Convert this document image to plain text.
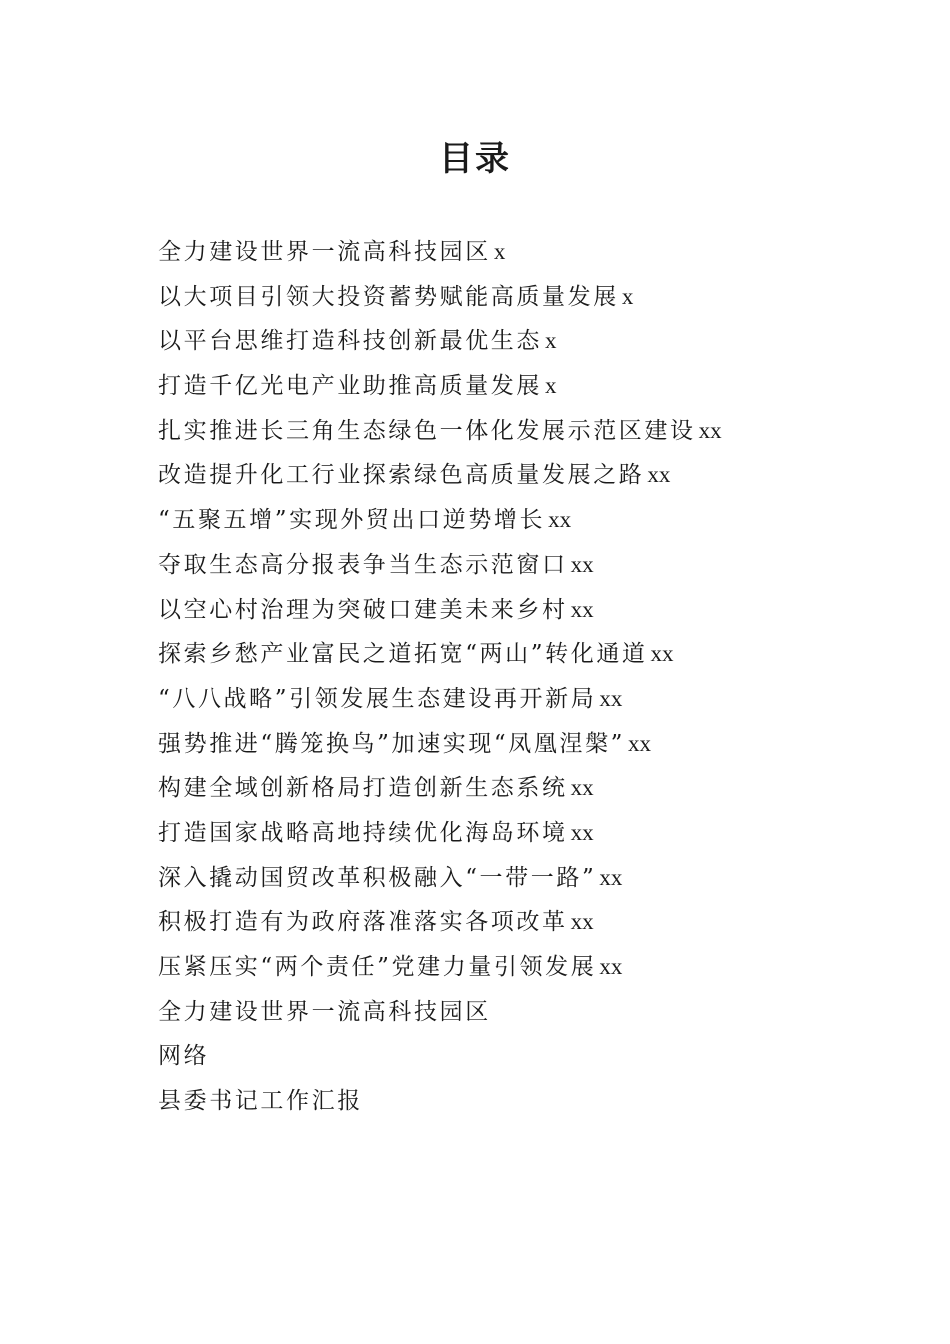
目录
全力建设世界一流高科技园区 x
以大项目引领大投资蓄势赋能高质量发展 x
以平台思维打造科技创新最优生态 x
打造千亿光电产业助推高质量发展 x
扎实推进长三角生态绿色一体化发展示范区建设 xx
改造提升化工行业探索绿色高质量发展之路 xx
“五聚五增”实现外贸出口逆势增长 xx
夺取生态高分报表争当生态示范窗口 xx
以空心村治理为突破口建美未来乡村 xx
探索乡愁产业富民之道拓宽“两山”转化通道 xx
“八八战略”引领发展生态建设再开新局 xx
强势推进“腾笼换鸟”加速实现“凤凰涅槃” xx
构建全域创新格局打造创新生态系统 xx
打造国家战略高地持续优化海岛环境 xx
深入撬动国贸改革积极融入“一带一路” xx
积极打造有为政府落准落实各项改革 xx
压紧压实“两个责任”党建力量引领发展 xx
全力建设世界一流高科技园区
网络
县委书记工作汇报
